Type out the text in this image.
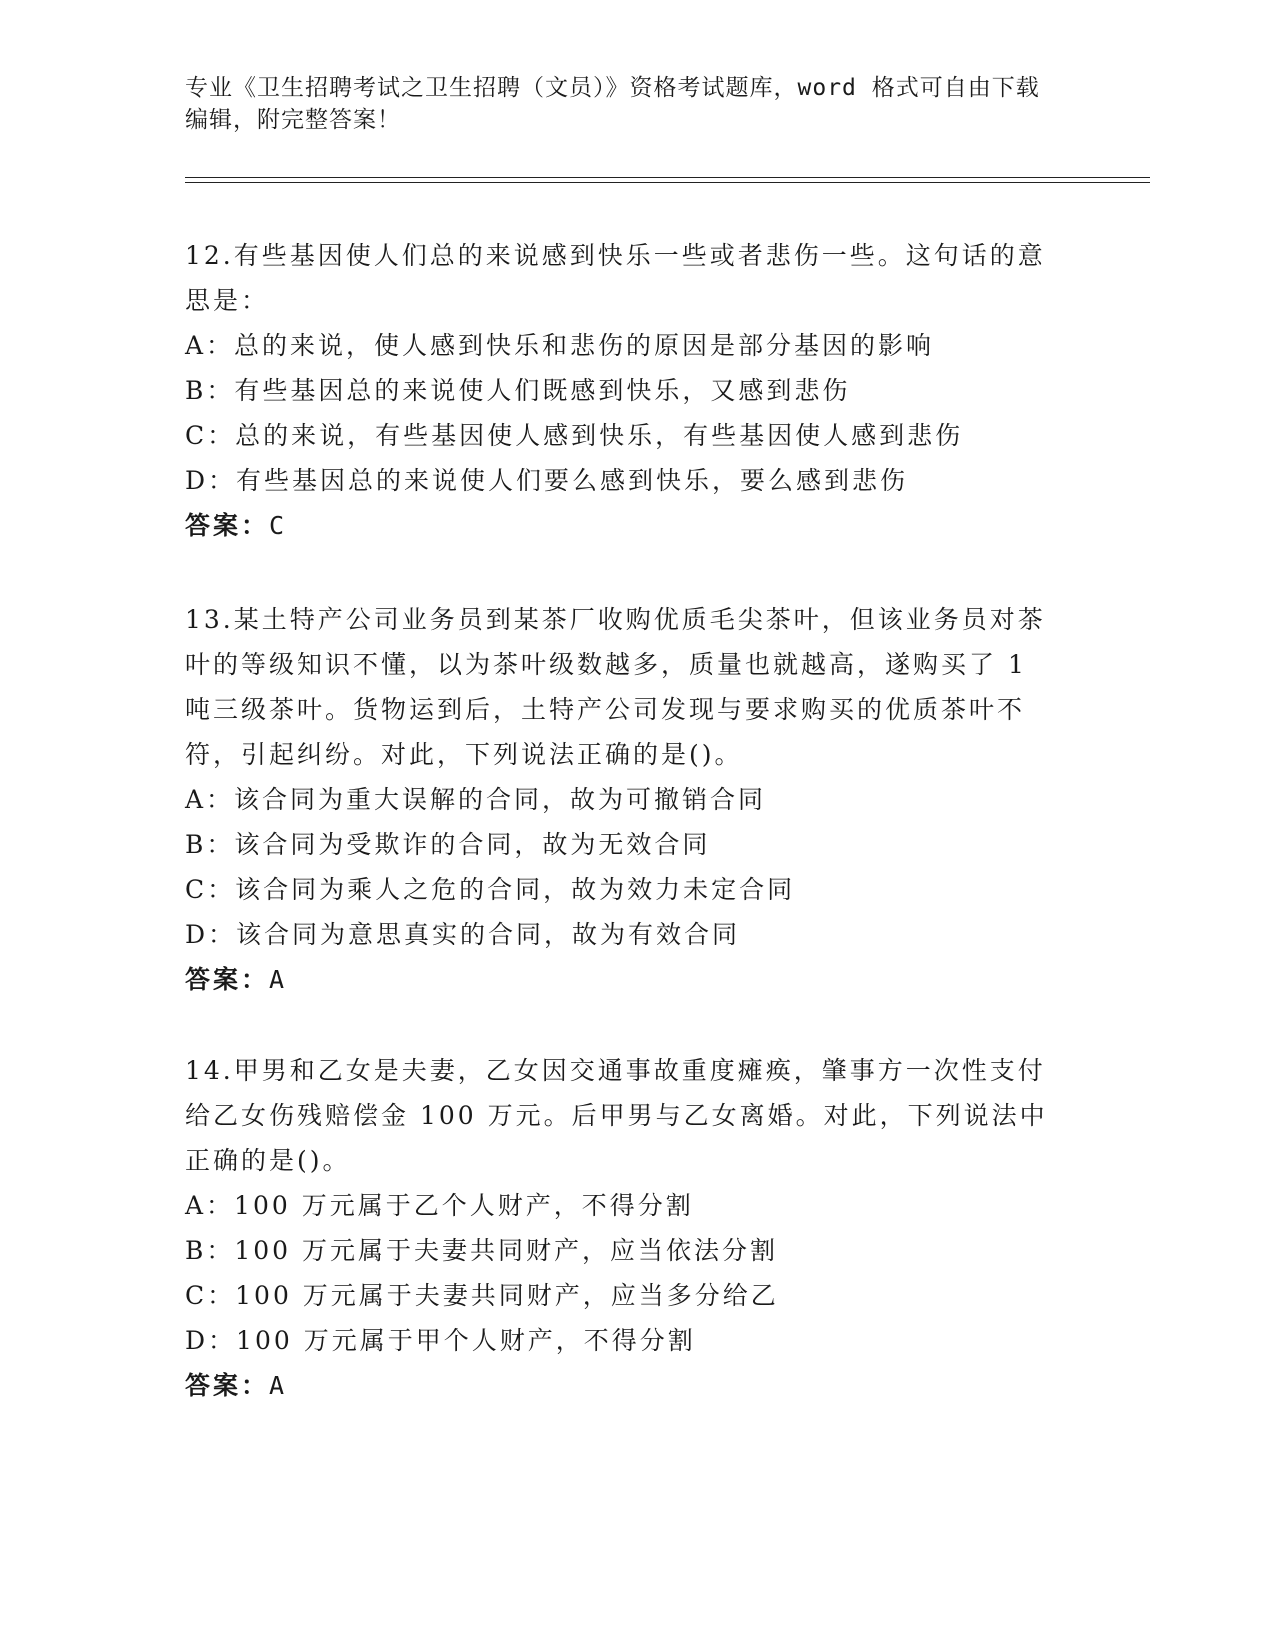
专业《卫生招聘考试之卫生招聘（文员）》资格考试题库，word 格式可自由下载
编辑，附完整答案！
12.有些基因使人们总的来说感到快乐一些或者悲伤一些。这句话的意
思是：
A：总的来说，使人感到快乐和悲伤的原因是部分基因的影响
B：有些基因总的来说使人们既感到快乐，又感到悲伤
C：总的来说，有些基因使人感到快乐，有些基因使人感到悲伤
D：有些基因总的来说使人们要么感到快乐，要么感到悲伤
答案：C
13.某土特产公司业务员到某茶厂收购优质毛尖茶叶，但该业务员对茶
叶的等级知识不懂，以为茶叶级数越多，质量也就越高，遂购买了 1
吨三级茶叶。货物运到后，土特产公司发现与要求购买的优质茶叶不
符，引起纠纷。对此，下列说法正确的是()。
A：该合同为重大误解的合同，故为可撤销合同
B：该合同为受欺诈的合同，故为无效合同
C：该合同为乘人之危的合同，故为效力未定合同
D：该合同为意思真实的合同，故为有效合同
答案：A
14.甲男和乙女是夫妻，乙女因交通事故重度瘫痪，肇事方一次性支付
给乙女伤残赔偿金 100 万元。后甲男与乙女离婚。对此，下列说法中
正确的是()。
A：100 万元属于乙个人财产，不得分割
B：100 万元属于夫妻共同财产，应当依法分割
C：100 万元属于夫妻共同财产，应当多分给乙
D：100 万元属于甲个人财产，不得分割
答案：A
